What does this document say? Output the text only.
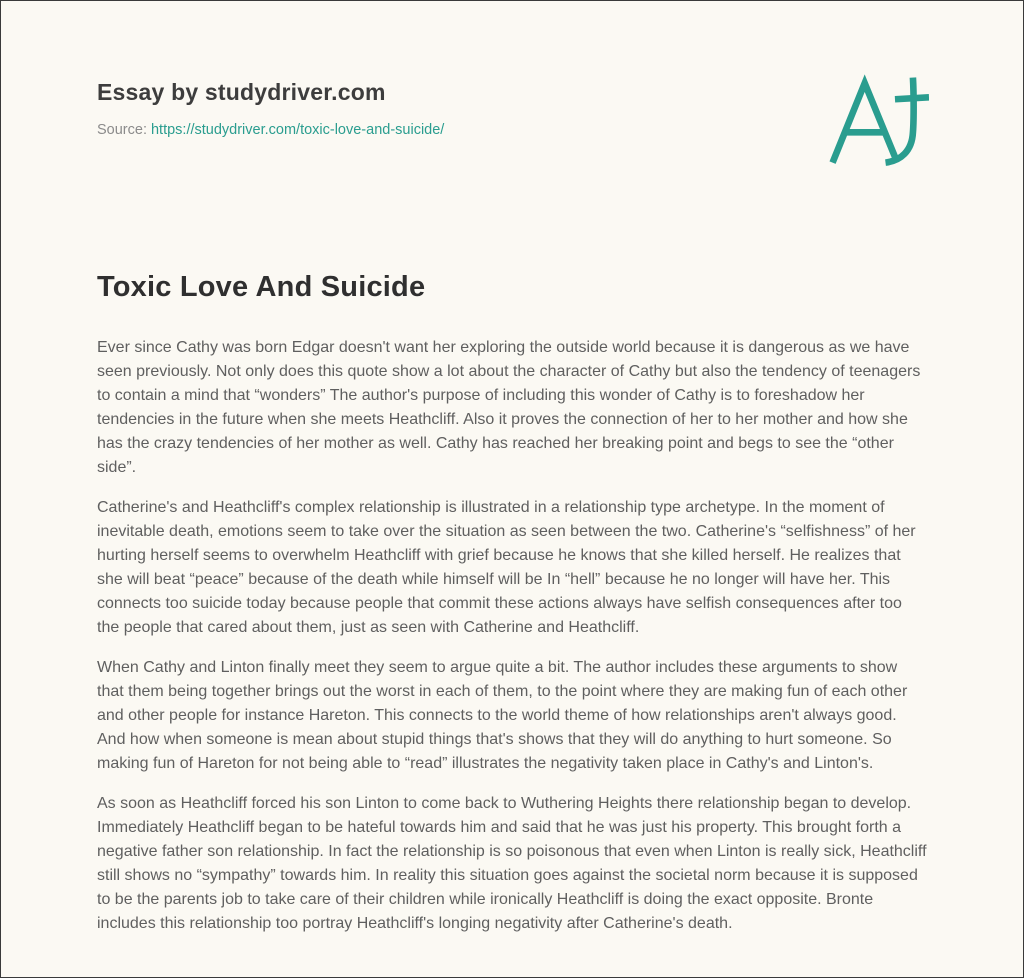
Essay by studydriver.com
Source: https://studydriver.com/toxic-love-and-suicide/
Toxic Love And Suicide

Ever since Cathy was born Edgar doesn't want her exploring the outside world because it is dangerous as we have seen previously. Not only does this quote show a lot about the character of Cathy but also the tendency of teenagers to contain a mind that “wonders” The author's purpose of including this wonder of Cathy is to foreshadow her tendencies in the future when she meets Heathcliff. Also it proves the connection of her to her mother and how she has the crazy tendencies of her mother as well. Cathy has reached her breaking point and begs to see the “other side”.

Catherine's and Heathcliff's complex relationship is illustrated in a relationship type archetype. In the moment of inevitable death, emotions seem to take over the situation as seen between the two. Catherine's “selfishness” of her hurting herself seems to overwhelm Heathcliff with grief because he knows that she killed herself. He realizes that she will beat “peace” because of the death while himself will be In “hell” because he no longer will have her. This connects too suicide today because people that commit these actions always have selfish consequences after too the people that cared about them, just as seen with Catherine and Heathcliff.

When Cathy and Linton finally meet they seem to argue quite a bit. The author includes these arguments to show that them being together brings out the worst in each of them, to the point where they are making fun of each other and other people for instance Hareton. This connects to the world theme of how relationships aren't always good. And how when someone is mean about stupid things that's shows that they will do anything to hurt someone. So making fun of Hareton for not being able to “read” illustrates the negativity taken place in Cathy's and Linton's.

As soon as Heathcliff forced his son Linton to come back to Wuthering Heights there relationship began to develop. Immediately Heathcliff began to be hateful towards him and said that he was just his property. This brought forth a negative father son relationship. In fact the relationship is so poisonous that even when Linton is really sick, Heathcliff still shows no “sympathy” towards him. In reality this situation goes against the societal norm because it is supposed to be the parents job to take care of their children while ironically Heathcliff is doing the exact opposite. Bronte includes this relationship too portray Heathcliff's longing negativity after Catherine's death.
